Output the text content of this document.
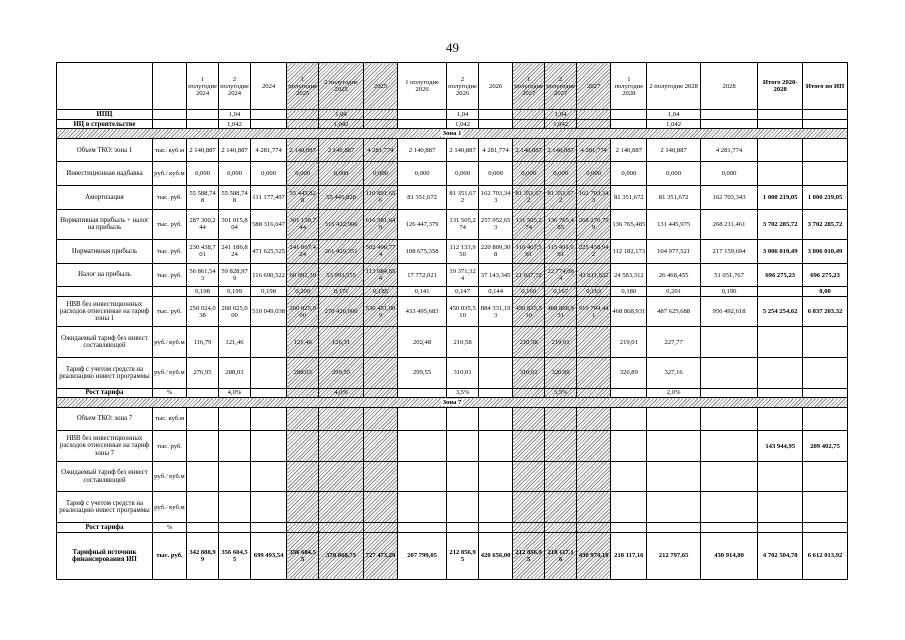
49
		1 полугодие 2024	2 полугодие 2024	2024	1 полугодие 2025	2 полугодие 2025	2025	1 полугодие 2026	2 полугодие 2026	2026	1 полугодие 2027	2 полугодие 2027	2027	1 полугодие 2028	2 полугодие 2028	2028	Итого 2020-2028	Итого по ИП
ИПЦ			1,04			1,04			1,04			1,04			1,04			
ИЦ в строительстве			1,042			1,042			1,042			1,042			1,042			
Зона 1																		
Объем ТКО: зона 1	тыс. куб.м	2 140,887	2 140,887	4 281,774	2 140,887	2 140,887	4 281,774	2 140,887	2 140,887	4 281,774	2 140,887	2 140,887	4 281,774	2 140,887	2 140,887	4 281,774		
Инвестиционная надбавка	руб./ куб.м	0,000	0,000	0,000	0,000	0,000	0,000	0,000	0,000	0,000	0,000	0,000	0,000	0,000	0,000	0,000		
Амортизация	тыс. руб.	55 588,748	55 588,748	111 177,497	55 445,828	55 445,828	110 891,656	81 351,672	81 351,672	162 703,343	81 351,672	81 351,672	162 703,343	81 351,672	81 351,672	162 703,343	1 000 219,05	1 000 219,05
Нормативная прибыль + налог на прибыль	тыс. руб.	287 300,244	301 015,804	588 316,047	301 158,744	315 422,906	616 581,649	126 447,379	131 505,274	257 952,653	131 505,274	136 765,485	268 270,759	136 765,485	131 445,975	268 211,461	3 702 285,72	3 702 285,72
Нормативная прибыль	тыс. руб.	230 438,701	241 186,824	471 625,525	241 067,424	261 429,351	502 496,774	108 675,358	112 133,950	220 809,308	110 467,591	115 491,091	225 458,942	112 182,173	104 977,521	217 159,694	3 006 010,49	3 006 010,49
Налог на прибыль	тыс. руб.	56 861,543	59 828,979	116 690,522	60 091,30	53 993,555	113 084,854	17 772,021	19 371,324	37 143,345	21 037,72	22 774,094	43 811,832	24 583,312	26 468,455	51 051,767	696 275,23	696 275,23
		0,198	0,199	0,198	0,200	0,171	0,185	0,141	0,147	0,144	0,160	0,167	0,163	0,180	0,201	0,190		0,00
НВВ без инвестиционных расходов отнесенные на тариф зоны 1	тыс. руб.	250 024,038	260 025,000	510 049,038	260 025,000	270 426,000	530 451,009	433 495,683	450 835,510	884 331,193	450 835,510	468 868,931	919 704,441	468 868,931	487 625,688	956 492,618	5 254 254,62	6 837 203,32
Ожидаемый тариф без инвест составляющей	руб./ куб.м	116,79	121,46		121,46	126,31		202,48	210,58		210,58	219,01		219,01	227,77			
Тариф с учетом средств на реализацию инвест программы	руб./ куб.м	276,95	288,03		288,03	299,55		299,55	310,01		310,01	320,89		320,89	327,16			
Рост тарифа	%		4,0%			4,0%			3,5%			3,5%			2,0%			
Зона 7																		
Объем ТКО: зона 7	тыс. куб.м																	
НВВ без инвестиционных расходов отнесенные на тариф зоны 7	тыс. руб.																143 944,95	209 402,75
Ожидаемый тариф без инвест составляющей	руб./ куб.м																	
Тариф с учетом средств на реализацию инвест программы	руб./ куб.м																	
Рост тарифа	%																	
Тарифный источник финансирования ИП	тыс. руб.	342 888,99	356 604,55	699 493,54	356 604,55	370 868,73	727 473,29	207 799,05	212 856,95	420 656,00	212 856,95	218 117,16	430 974,10	218 117,16	212 797,65	430 914,80	4 702 504,78	6 612 013,92
